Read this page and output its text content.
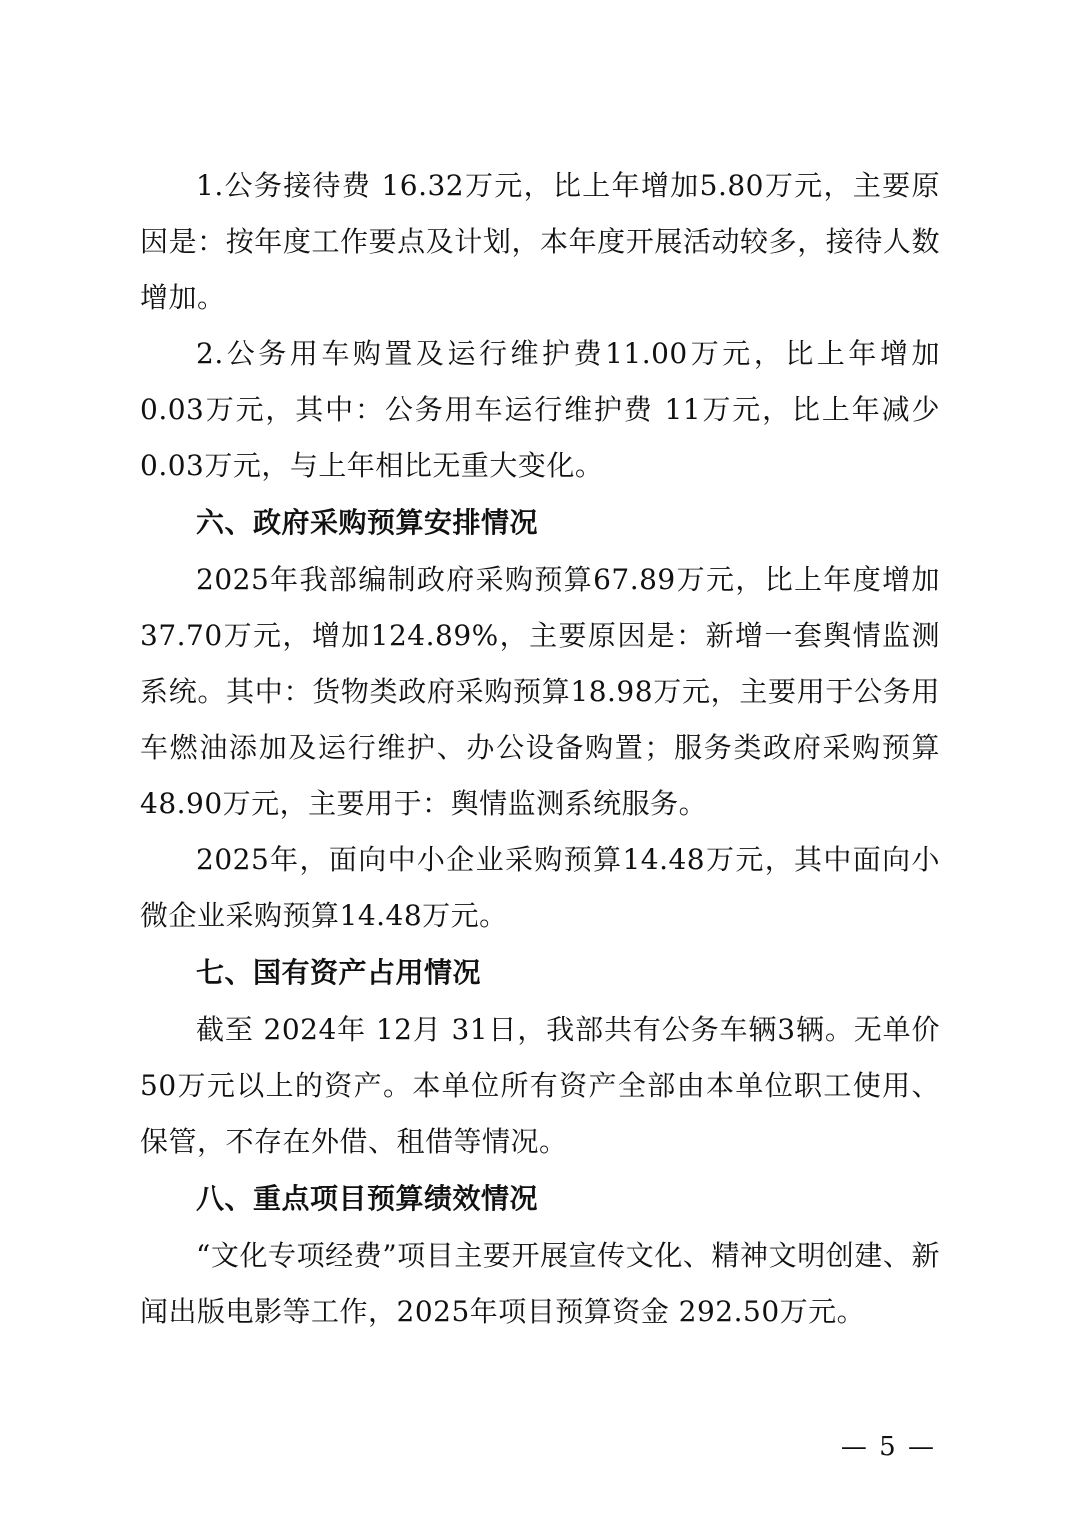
1.公务接待费 16.32万元，比上年增加5.80万元，主要原因是：按年度工作要点及计划，本年度开展活动较多，接待人数增加。

2.公务用车购置及运行维护费11.00万元，比上年增加0.03万元，其中：公务用车运行维护费 11万元，比上年减少 0.03万元，与上年相比无重大变化。

六、政府采购预算安排情况

2025年我部编制政府采购预算67.89万元，比上年度增加37.70万元，增加124.89%，主要原因是：新增一套舆情监测系统。其中：货物类政府采购预算18.98万元，主要用于公务用车燃油添加及运行维护、办公设备购置；服务类政府采购预算48.90万元，主要用于：舆情监测系统服务。

2025年，面向中小企业采购预算14.48万元，其中面向小微企业采购预算14.48万元。

七、国有资产占用情况

截至 2024年 12月 31日，我部共有公务车辆3辆。无单价 50万元以上的资产。本单位所有资产全部由本单位职工使用、保管，不存在外借、租借等情况。

八、重点项目预算绩效情况

“文化专项经费”项目主要开展宣传文化、精神文明创建、新闻出版电影等工作，2025年项目预算资金 292.50万元。

— 5 —
